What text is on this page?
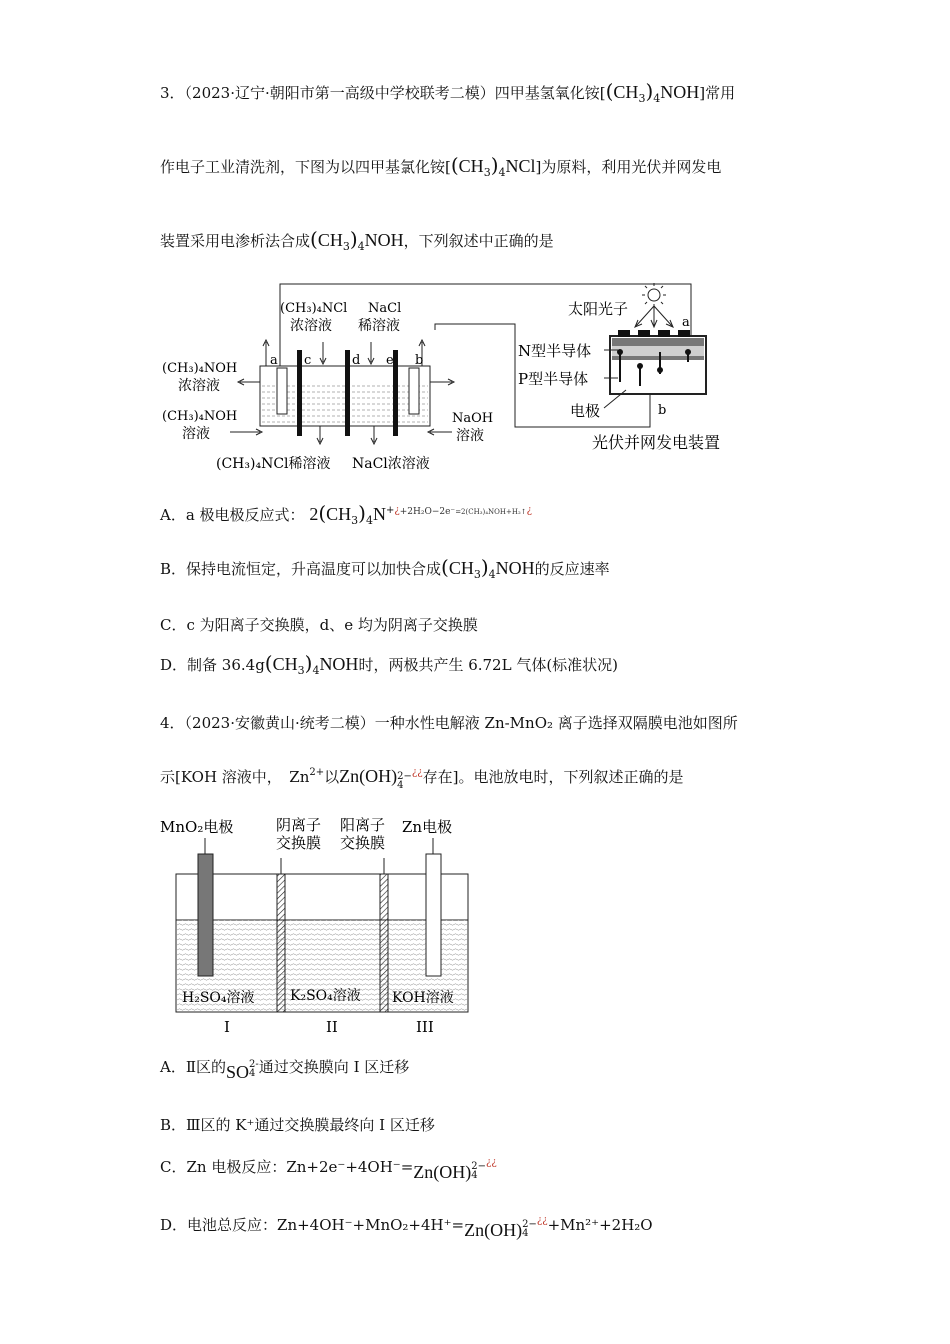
3．（2023·辽宁·朝阳市第一高级中学校联考二模）四甲基氢氧化铵$[(CH_3)_4NOH]$常用
作电子工业清洗剂，下图为以四甲基氯化铵$[(CH_3)_4NCl]$为原料，利用光伏并网发电
装置采用电渗析法合成$(CH_3)_4NOH$，下列叙述中正确的是
a	b
c	d e
(CH₃)₄NCl
浓溶液
NaCl
稀溶液
(CH₃)₄NOH
浓溶液
(CH₃)₄NOH
溶液
NaOH
溶液
(CH₃)₄NCl稀溶液 NaCl浓溶液
太阳光子
a
N型半导体
P型半导体
电极	b
光伏并网发电装置
A．a 极电极反应式： $2(CH_3)_4N^{+¿+2H_2O-2e^-=2(CH_3)_4NOH+H_2↑¿}$
B．保持电流恒定，升高温度可以加快合成$(CH_3)_4NOH$的反应速率
C．c 为阳离子交换膜，d、e 均为阴离子交换膜
D．制备 $36.4g(CH_3)_4NOH$时，两极共产生 6.72L 气体(标准状况)
4．（2023·安徽黄山·统考二模）一种水性电解液 Zn-MnO₂ 离子选择双隔膜电池如图所
示[KOH 溶液中，　$Zn^{2+}$以Zn(OH) 2−
4
¿¿存在]。电池放电时，下列叙述正确的是
MnO₂电极	阴离子
交换膜
阳离子
交换膜
Zn电极
H₂SO₄溶液	K₂SO₄溶液 KOH溶液
I	II	III
A．Ⅱ区的SO 2-
4 通过交换膜向 I 区迁移
B．Ⅲ区的 K⁺通过交换膜最终向 I 区迁移
C．Zn 电极反应：Zn+2e⁻+4OH⁻=Zn(OH) 2−
4
¿¿
D．电池总反应：Zn+4OH⁻+MnO₂+4H⁺=Zn(OH) 2−
4
¿¿+Mn²⁺+2H₂O
